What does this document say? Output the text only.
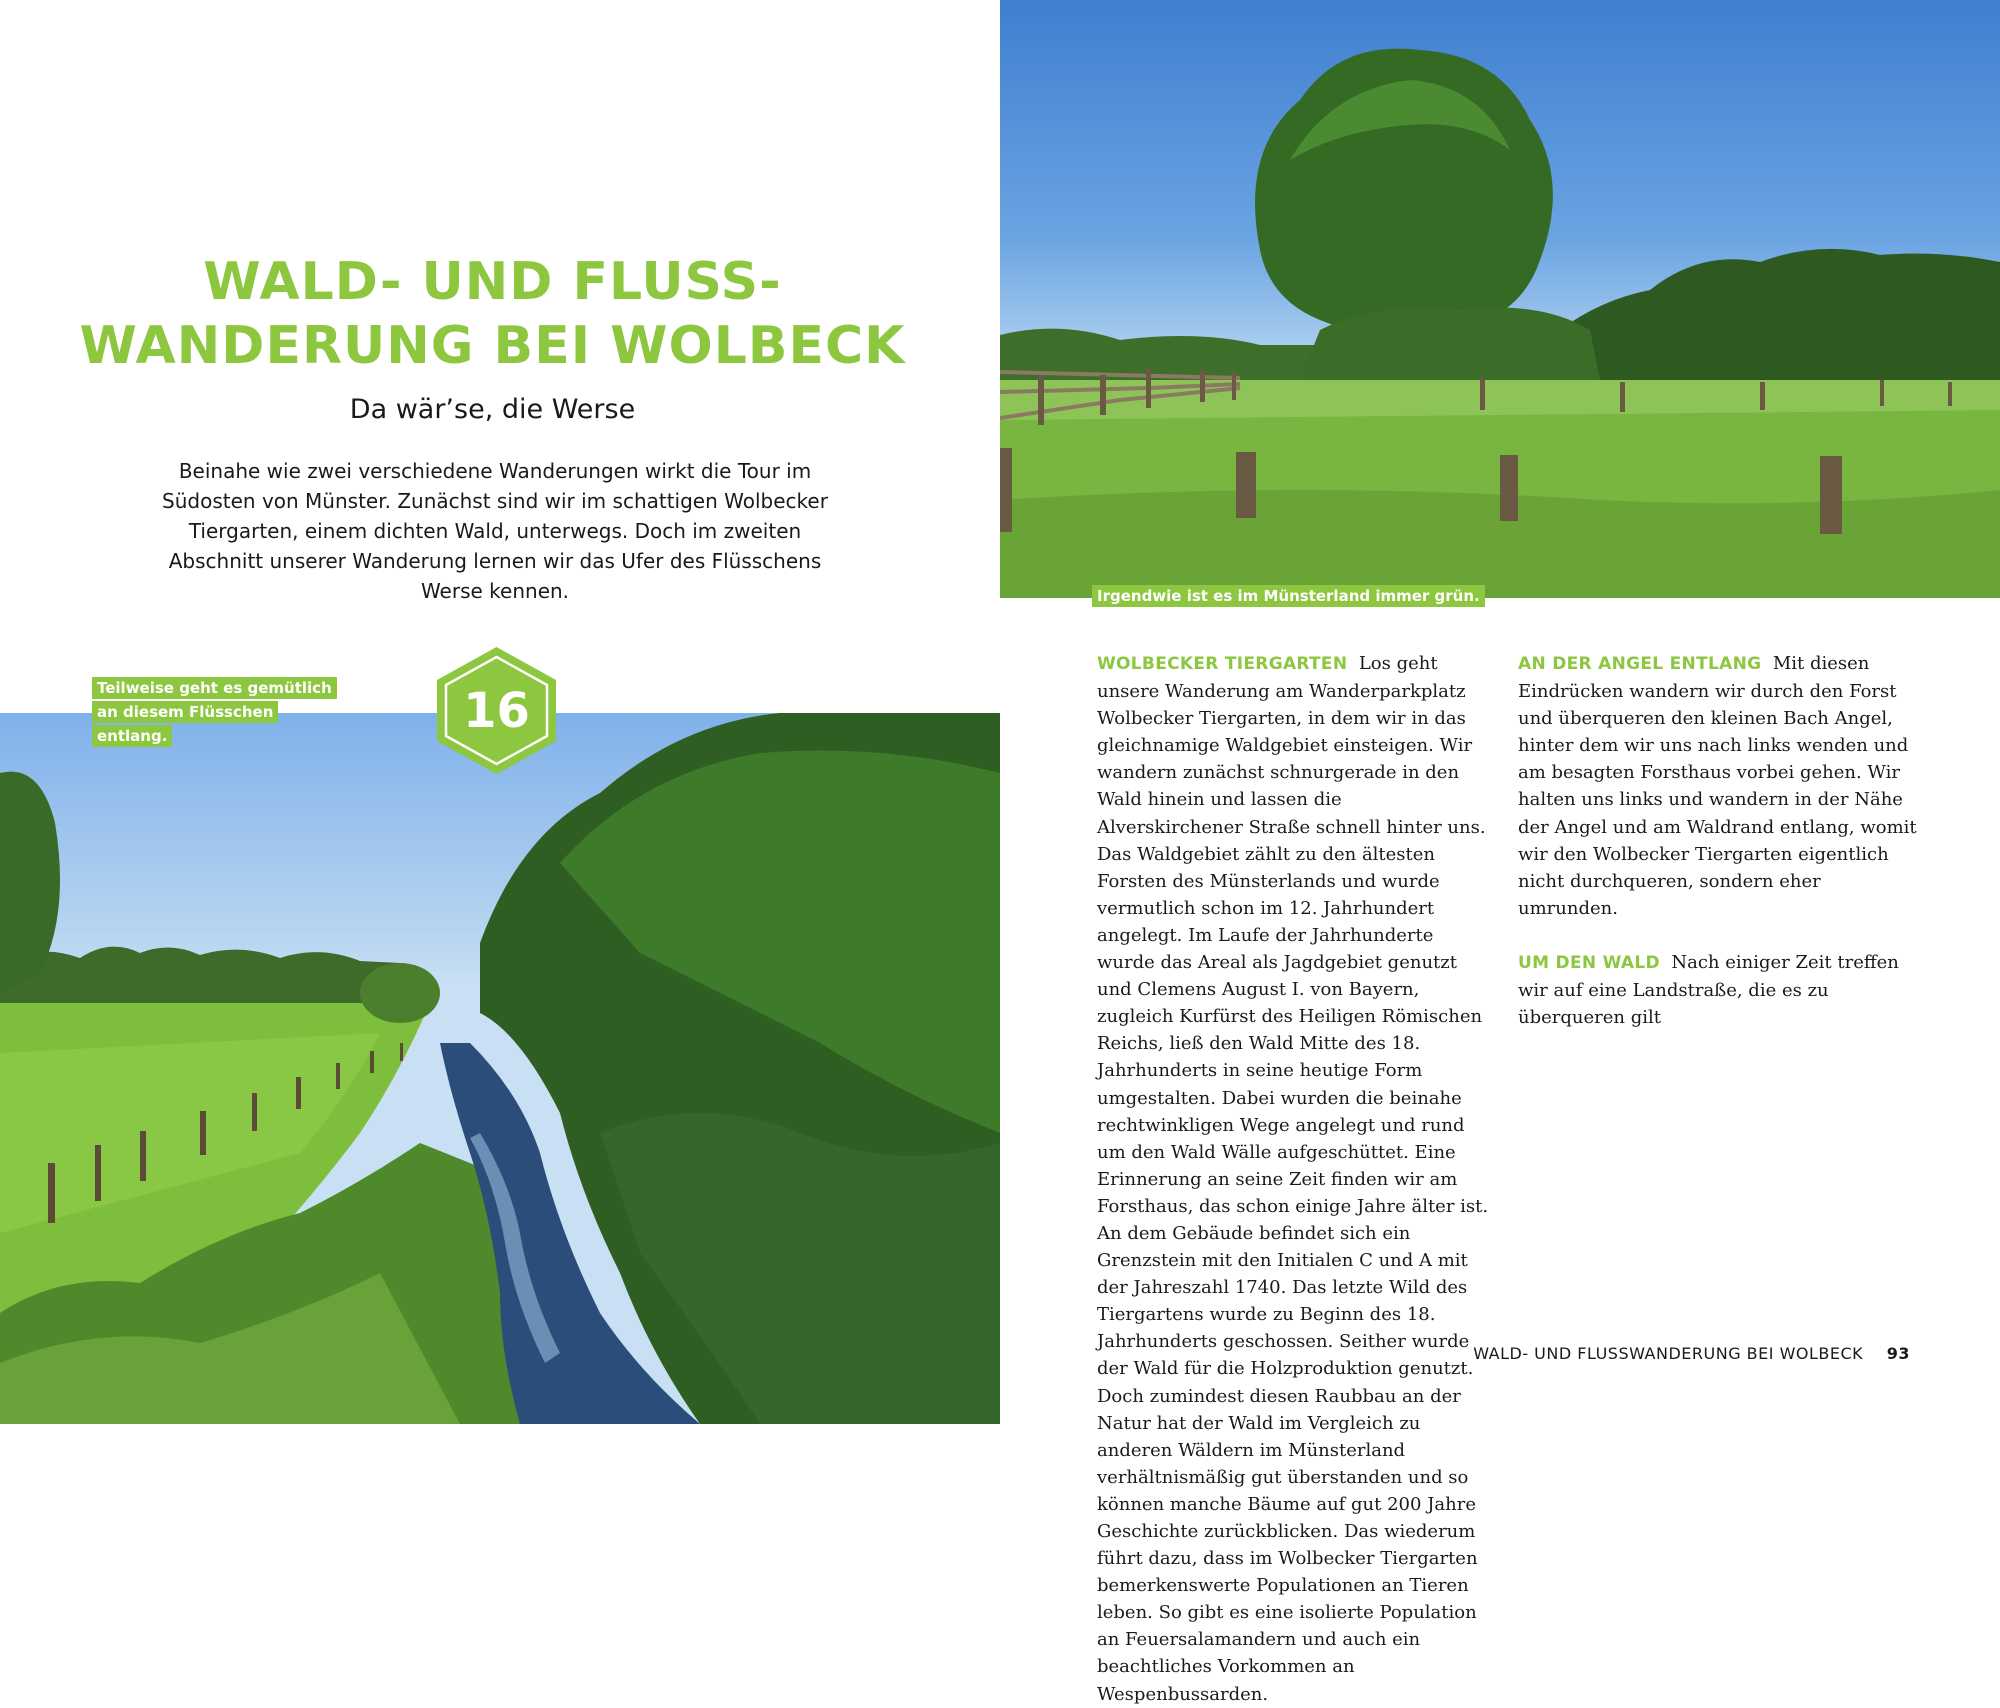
WALD- UND FLUSS-
WANDERUNG BEI WOLBECK

Da wär’se, die Werse

Beinahe wie zwei verschiedene Wanderungen wirkt die Tour im Südosten von Münster. Zunächst sind wir im schattigen Wolbecker Tiergarten, einem dichten Wald, unterwegs. Doch im zweiten Abschnitt unserer Wanderung lernen wir das Ufer des Flüsschens Werse kennen.

Teilweise geht es gemütlich
an diesem Flüsschen entlang.	16
Irgendwie ist es im Münsterland immer grün.

WOLBECKER TIERGARTEN Los geht unsere Wanderung am Wanderparkplatz Wolbecker Tiergarten, in dem wir in das gleichnamige Waldgebiet einsteigen. Wir wandern zunächst schnurgerade in den Wald hinein und lassen die Alverskirchener Straße schnell hinter uns. Das Waldgebiet zählt zu den ältesten Forsten des Münsterlands und wurde vermutlich schon im 12. Jahrhundert angelegt. Im Laufe der Jahrhunderte wurde das Areal als Jagdgebiet genutzt und Clemens August I. von Bayern, zugleich Kurfürst des Heiligen Römischen Reichs, ließ den Wald Mitte des 18. Jahrhunderts in seine heutige Form umgestalten. Dabei wurden die beinahe rechtwinkligen Wege angelegt und rund um den Wald Wälle aufgeschüttet. Eine Erinnerung an seine Zeit finden wir am Forsthaus, das schon einige Jahre älter ist. An dem Gebäude befindet sich ein Grenzstein mit den Initialen C und A mit der Jahreszahl 1740. Das letzte Wild des Tiergartens wurde zu Beginn des 18. Jahrhunderts geschossen. Seither wurde der Wald für die Holzproduktion genutzt. Doch zumindest diesen Raubbau an der Natur hat der Wald im Vergleich zu anderen Wäldern im Münsterland verhältnismäßig gut überstanden und so können manche Bäume auf gut 200 Jahre Geschichte zurückblicken. Das wiederum führt dazu, dass im Wolbecker Tiergarten bemerkenswerte Populationen an Tieren leben. So gibt es eine isolierte Population an Feuersalamandern und auch ein beachtliches Vorkommen an Wespenbussarden.

AN DER ANGEL ENTLANG Mit diesen Eindrücken wandern wir durch den Forst und überqueren den kleinen Bach Angel, hinter dem wir uns nach links wenden und am besagten Forsthaus vorbei gehen. Wir halten uns links und wandern in der Nähe der Angel und am Waldrand entlang, womit wir den Wolbecker Tiergarten eigentlich nicht durchqueren, sondern eher umrunden.

UM DEN WALD Nach einiger Zeit treffen wir auf eine Landstraße, die es zu überqueren gilt

WALD- UND FLUSSWANDERUNG BEI WOLBECK 93
